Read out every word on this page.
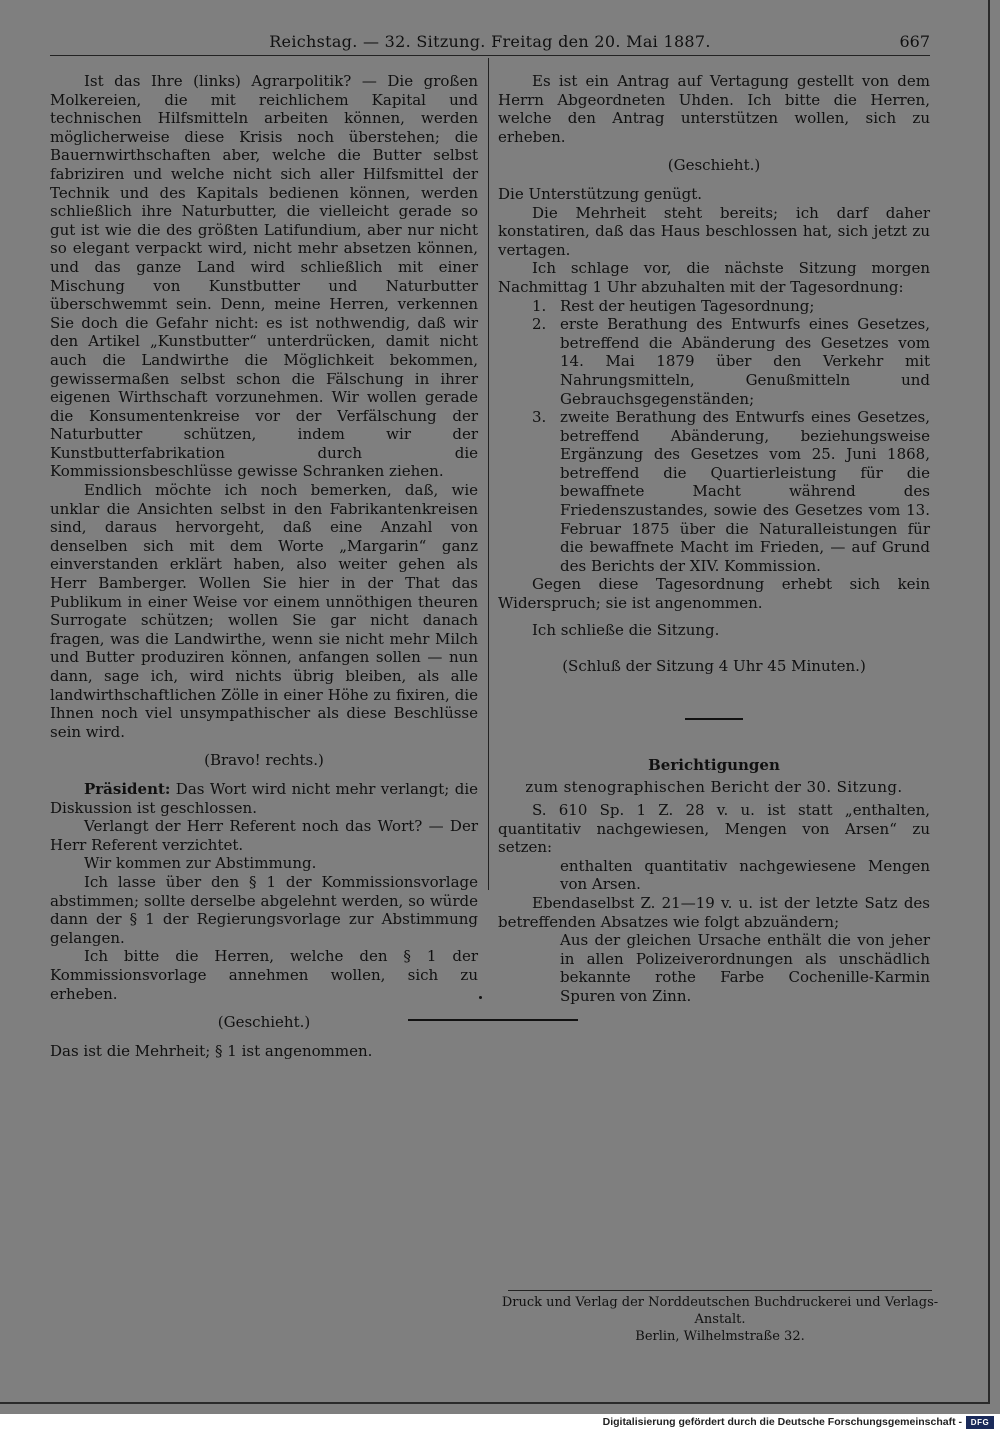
Reichstag. — 32. Sitzung. Freitag den 20. Mai 1887.	667

Ist das Ihre (links) Agrarpolitik? — Die großen Molkereien, die mit reichlichem Kapital und technischen Hilfsmitteln arbeiten können, werden möglicherweise diese Krisis noch überstehen; die Bauernwirthschaften aber, welche die Butter selbst fabriziren und welche nicht sich aller Hilfsmittel der Technik und des Kapitals bedienen können, werden schließlich ihre Naturbutter, die vielleicht gerade so gut ist wie die des größten Latifundium, aber nur nicht so elegant verpackt wird, nicht mehr absetzen können, und das ganze Land wird schließlich mit einer Mischung von Kunstbutter und Naturbutter überschwemmt sein. Denn, meine Herren, verkennen Sie doch die Gefahr nicht: es ist nothwendig, daß wir den Artikel „Kunstbutter“ unterdrücken, damit nicht auch die Landwirthe die Möglichkeit bekommen, gewissermaßen selbst schon die Fälschung in ihrer eigenen Wirthschaft vorzunehmen. Wir wollen gerade die Konsumentenkreise vor der Verfälschung der Naturbutter schützen, indem wir der Kunstbutterfabrikation durch die Kommissionsbeschlüsse gewisse Schranken ziehen.

Endlich möchte ich noch bemerken, daß, wie unklar die Ansichten selbst in den Fabrikantenkreisen sind, daraus hervorgeht, daß eine Anzahl von denselben sich mit dem Worte „Margarin“ ganz einverstanden erklärt haben, also weiter gehen als Herr Bamberger. Wollen Sie hier in der That das Publikum in einer Weise vor einem unnöthigen theuren Surrogate schützen; wollen Sie gar nicht danach fragen, was die Landwirthe, wenn sie nicht mehr Milch und Butter produziren können, anfangen sollen — nun dann, sage ich, wird nichts übrig bleiben, als alle landwirthschaftlichen Zölle in einer Höhe zu fixiren, die Ihnen noch viel unsympathischer als diese Beschlüsse sein wird.

(Bravo! rechts.)

Präsident: Das Wort wird nicht mehr verlangt; die Diskussion ist geschlossen.

Verlangt der Herr Referent noch das Wort? — Der Herr Referent verzichtet.

Wir kommen zur Abstimmung.

Ich lasse über den § 1 der Kommissionsvorlage abstimmen; sollte derselbe abgelehnt werden, so würde dann der § 1 der Regierungsvorlage zur Abstimmung gelangen.

Ich bitte die Herren, welche den § 1 der Kommissionsvorlage annehmen wollen, sich zu erheben.

(Geschieht.)

Das ist die Mehrheit; § 1 ist angenommen.

Es ist ein Antrag auf Vertagung gestellt von dem Herrn Abgeordneten Uhden. Ich bitte die Herren, welche den Antrag unterstützen wollen, sich zu erheben.

(Geschieht.)

Die Unterstützung genügt.

Die Mehrheit steht bereits; ich darf daher konstatiren, daß das Haus beschlossen hat, sich jetzt zu vertagen.

Ich schlage vor, die nächste Sitzung morgen Nachmittag 1 Uhr abzuhalten mit der Tagesordnung:

1. Rest der heutigen Tagesordnung;
2. erste Berathung des Entwurfs eines Gesetzes, betreffend die Abänderung des Gesetzes vom 14. Mai 1879 über den Verkehr mit Nahrungsmitteln, Genußmitteln und Gebrauchsgegenständen;
3. zweite Berathung des Entwurfs eines Gesetzes, betreffend Abänderung, beziehungsweise Ergänzung des Gesetzes vom 25. Juni 1868, betreffend die Quartierleistung für die bewaffnete Macht während des Friedenszustandes, sowie des Gesetzes vom 13. Februar 1875 über die Naturalleistungen für die bewaffnete Macht im Frieden, — auf Grund des Berichts der XIV. Kommission.

Gegen diese Tagesordnung erhebt sich kein Widerspruch; sie ist angenommen.

Ich schließe die Sitzung.

(Schluß der Sitzung 4 Uhr 45 Minuten.)

Berichtigungen

zum stenographischen Bericht der 30. Sitzung.

S. 610 Sp. 1 Z. 28 v. u. ist statt „enthalten, quantitativ nachgewiesen, Mengen von Arsen“ zu setzen:

enthalten quantitativ nachgewiesene Mengen von Arsen.

Ebendaselbst Z. 21—19 v. u. ist der letzte Satz des betreffenden Absatzes wie folgt abzuändern;

Aus der gleichen Ursache enthält die von jeher in allen Polizeiverordnungen als unschädlich bekannte rothe Farbe Cochenille-Karmin Spuren von Zinn.

Druck und Verlag der Norddeutschen Buchdruckerei und Verlags-Anstalt.
Berlin, Wilhelmstraße 32.
Digitalisierung gefördert durch die Deutsche Forschungsgemeinschaft -	DFG
